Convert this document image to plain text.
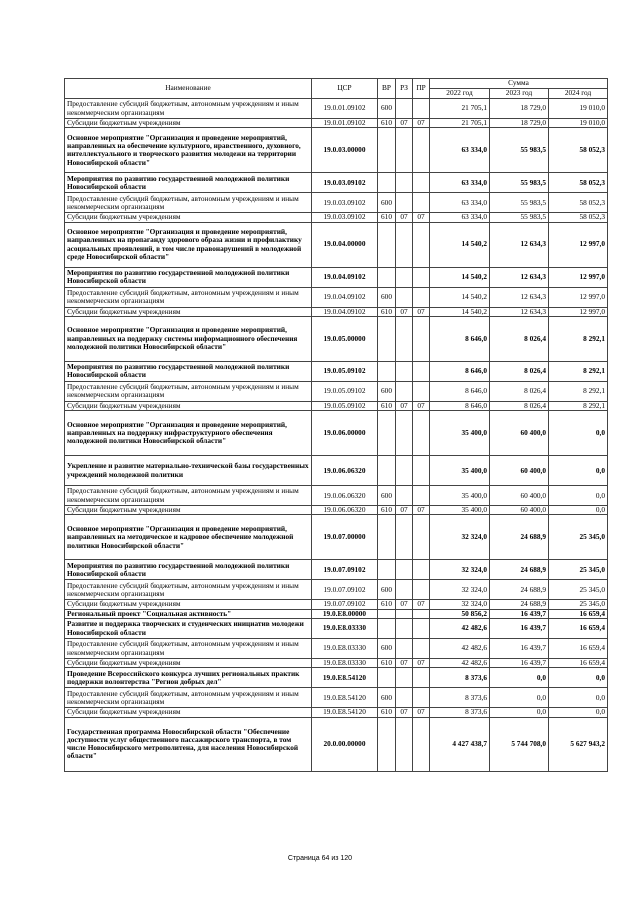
Наименование	ЦСР	ВР	РЗ	ПР	Сумма		
					2022 год	2023 год	2024 год
Предоставление субсидий бюджетным, автономным учреждениям и иным некоммерческим организациям	19.0.01.09102	600			21 705,1	18 729,0	19 010,0
Субсидии бюджетным учреждениям	19.0.01.09102	610	07	07	21 705,1	18 729,0	19 010,0
Основное мероприятие "Организация и проведение мероприятий, направленных на обеспечение культурного, нравственного, духовного, интеллектуального и творческого развития молодежи на территории Новосибирской области"	19.0.03.00000				63 334,0	55 983,5	58 052,3
Мероприятия по развитию государственной молодежной политики Новосибирской области	19.0.03.09102				63 334,0	55 983,5	58 052,3
Предоставление субсидий бюджетным, автономным учреждениям и иным некоммерческим организациям	19.0.03.09102	600			63 334,0	55 983,5	58 052,3
Субсидии бюджетным учреждениям	19.0.03.09102	610	07	07	63 334,0	55 983,5	58 052,3
Основное мероприятие "Организация и проведение мероприятий, направленных на пропаганду здорового образа жизни и профилактику асоциальных проявлений, в том числе правонарушений в молодежной среде Новосибирской области"	19.0.04.00000				14 540,2	12 634,3	12 997,0
Мероприятия по развитию государственной молодежной политики Новосибирской области	19.0.04.09102				14 540,2	12 634,3	12 997,0
Предоставление субсидий бюджетным, автономным учреждениям и иным некоммерческим организациям	19.0.04.09102	600			14 540,2	12 634,3	12 997,0
Субсидии бюджетным учреждениям	19.0.04.09102	610	07	07	14 540,2	12 634,3	12 997,0
Основное мероприятие "Организация и проведение мероприятий, направленных на поддержку системы информационного обеспечения молодежной политики Новосибирской области"	19.0.05.00000				8 646,0	8 026,4	8 292,1
Мероприятия по развитию государственной молодежной политики Новосибирской области	19.0.05.09102				8 646,0	8 026,4	8 292,1
Предоставление субсидий бюджетным, автономным учреждениям и иным некоммерческим организациям	19.0.05.09102	600			8 646,0	8 026,4	8 292,1
Субсидии бюджетным учреждениям	19.0.05.09102	610	07	07	8 646,0	8 026,4	8 292,1
Основное мероприятие "Организация и проведение мероприятий, направленных на поддержку инфраструктурного обеспечения молодежной политики Новосибирской области"	19.0.06.00000				35 400,0	60 400,0	0,0
Укрепление и развитие материально-технической базы государственных учреждений молодежной политики	19.0.06.06320				35 400,0	60 400,0	0,0
Предоставление субсидий бюджетным, автономным учреждениям и иным некоммерческим организациям	19.0.06.06320	600			35 400,0	60 400,0	0,0
Субсидии бюджетным учреждениям	19.0.06.06320	610	07	07	35 400,0	60 400,0	0,0
Основное мероприятие "Организация и проведение мероприятий, направленных на методическое и кадровое обеспечение молодежной политики Новосибирской области"	19.0.07.00000				32 324,0	24 688,9	25 345,0
Мероприятия по развитию государственной молодежной политики Новосибирской области	19.0.07.09102				32 324,0	24 688,9	25 345,0
Предоставление субсидий бюджетным, автономным учреждениям и иным некоммерческим организациям	19.0.07.09102	600			32 324,0	24 688,9	25 345,0
Субсидии бюджетным учреждениям	19.0.07.09102	610	07	07	32 324,0	24 688,9	25 345,0
Региональный проект "Социальная активность"	19.0.E8.00000				50 856,2	16 439,7	16 659,4
Развитие и поддержка творческих и студенческих инициатив молодежи Новосибирской области	19.0.E8.03330				42 482,6	16 439,7	16 659,4
Предоставление субсидий бюджетным, автономным учреждениям и иным некоммерческим организациям	19.0.E8.03330	600			42 482,6	16 439,7	16 659,4
Субсидии бюджетным учреждениям	19.0.E8.03330	610	07	07	42 482,6	16 439,7	16 659,4
Проведение Всероссийского конкурса лучших региональных практик поддержки волонтерства "Регион добрых дел"	19.0.E8.54120				8 373,6	0,0	0,0
Предоставление субсидий бюджетным, автономным учреждениям и иным некоммерческим организациям	19.0.E8.54120	600			8 373,6	0,0	0,0
Субсидии бюджетным учреждениям	19.0.E8.54120	610	07	07	8 373,6	0,0	0,0
Государственная программа Новосибирской области "Обеспечение доступности услуг общественного пассажирского транспорта, в том числе Новосибирского метрополитена, для населения Новосибирской области"	20.0.00.00000				4 427 438,7	5 744 708,0	5 627 943,2
Страница 64 из 120
